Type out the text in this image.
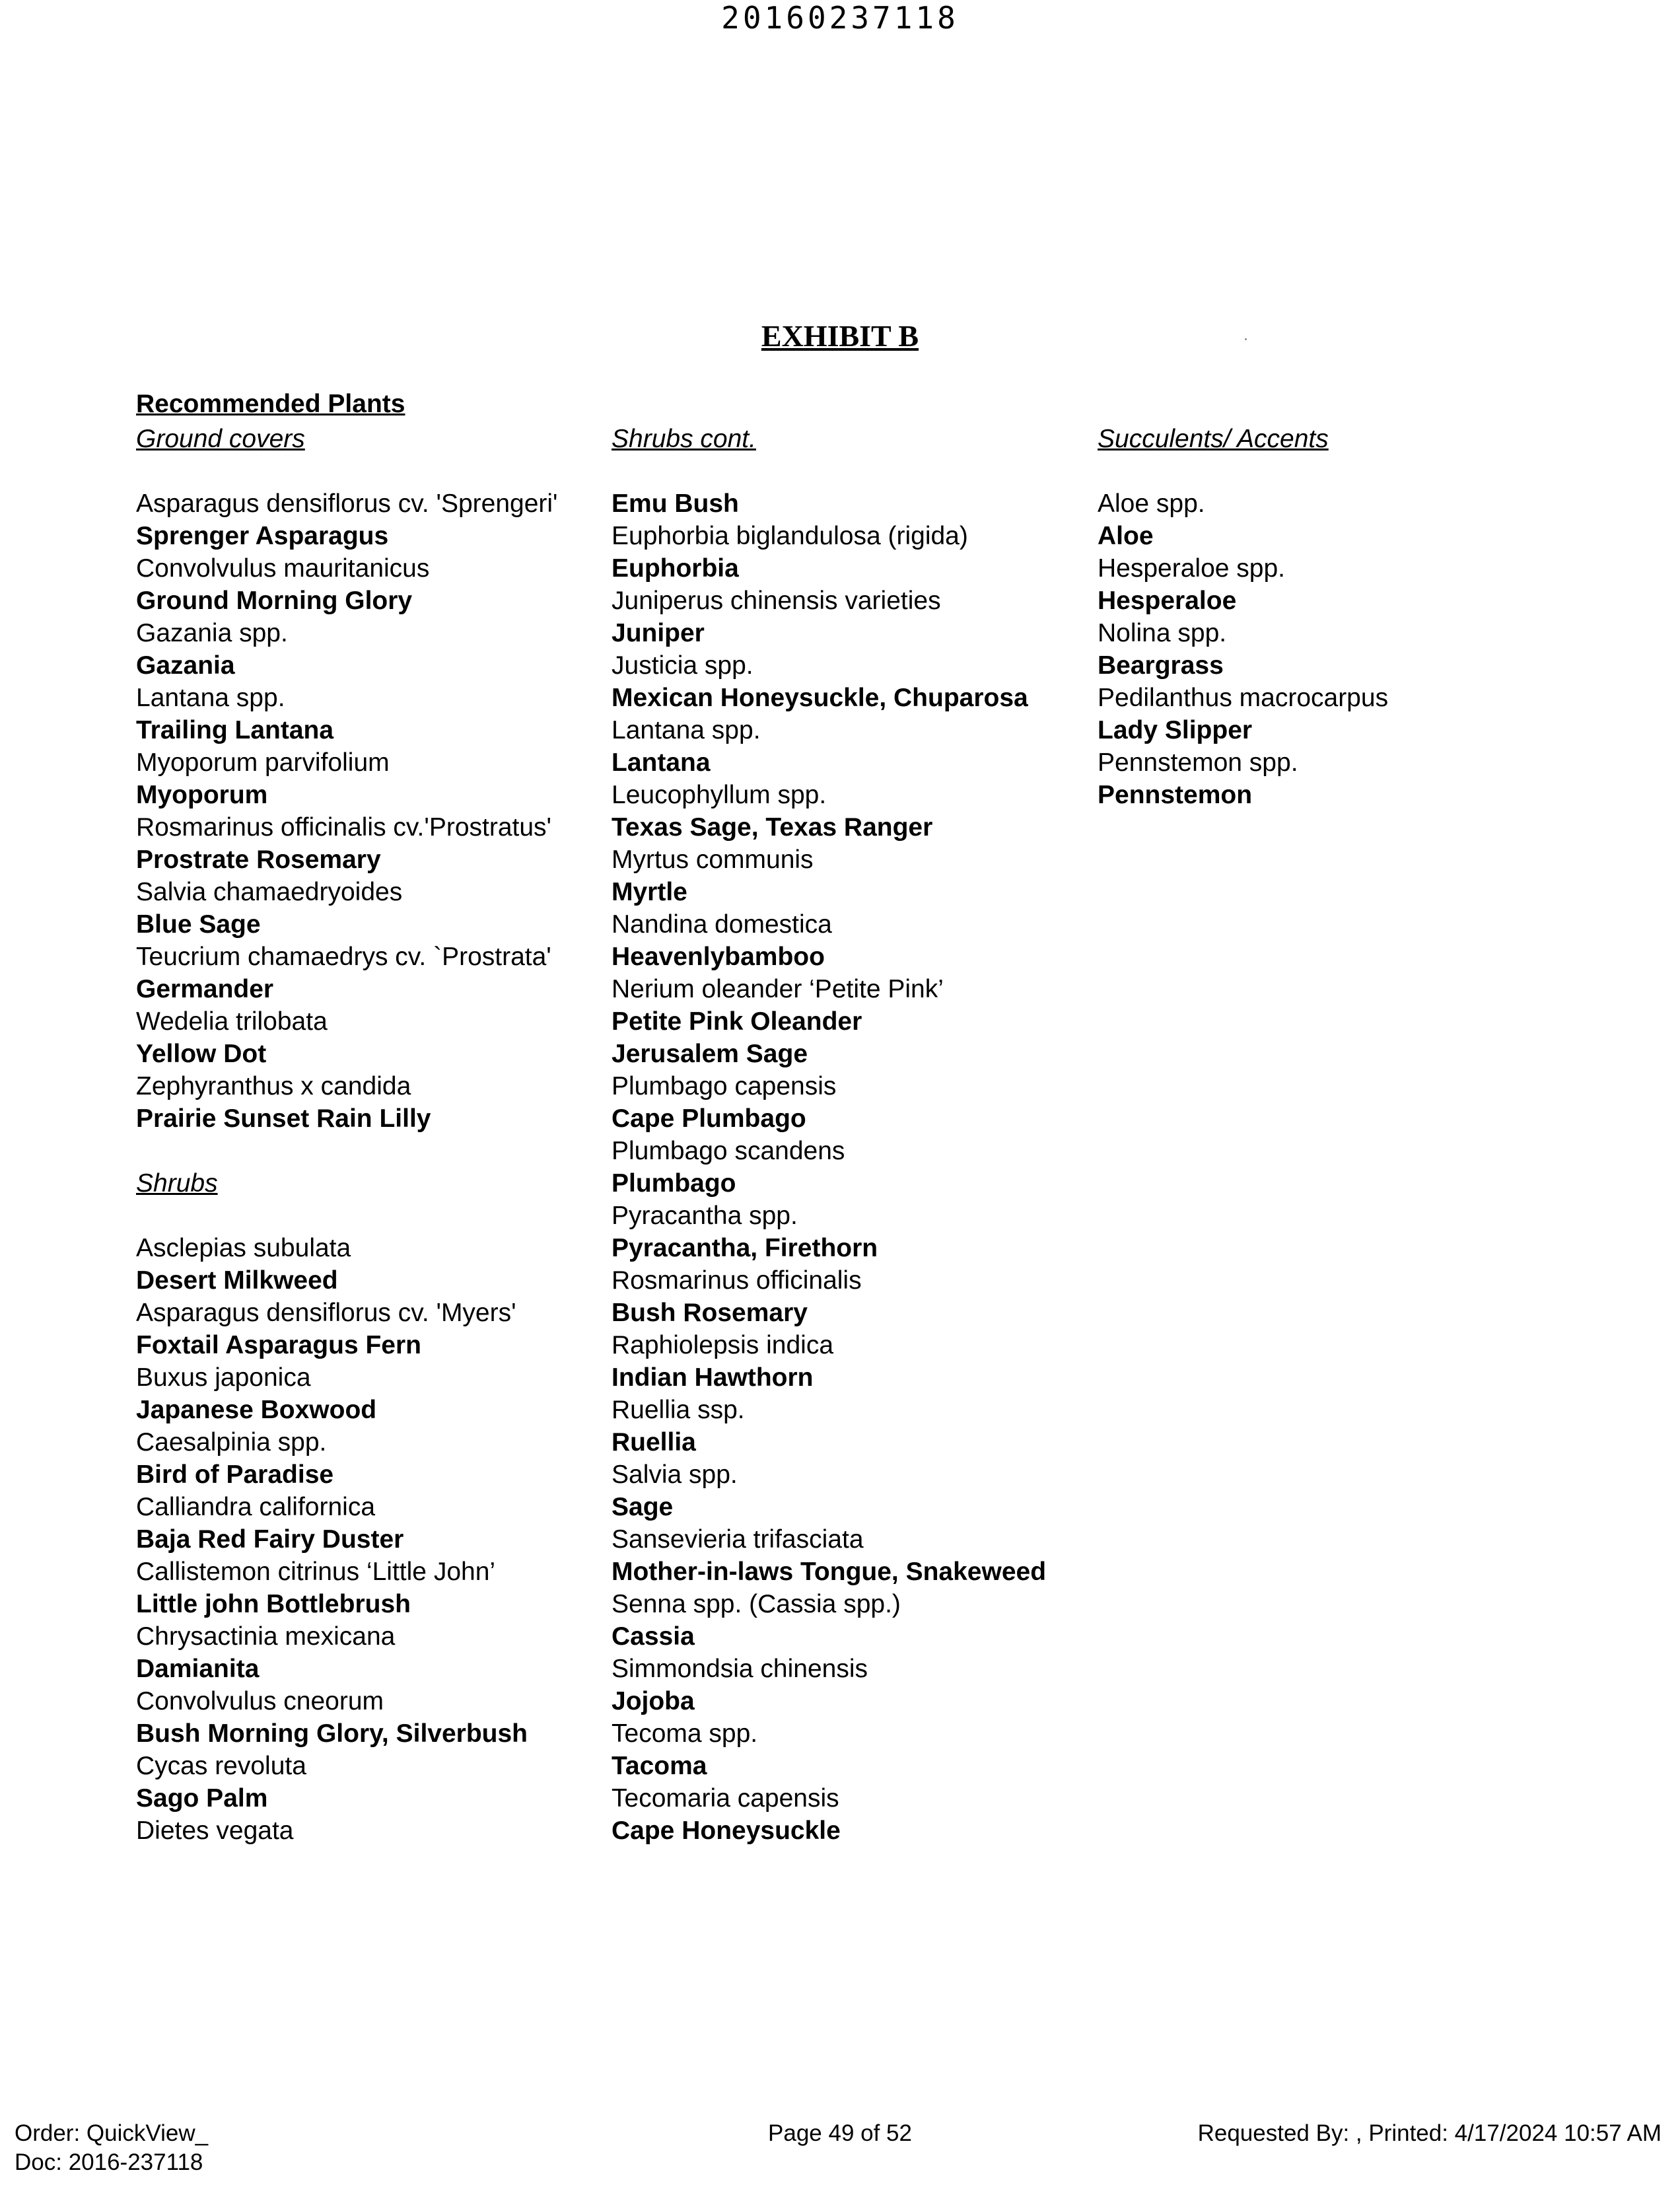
20160237118
EXHIBIT B
Recommended Plants
Ground covers
Asparagus densiflorus cv. 'Sprengeri'
Sprenger Asparagus
Convolvulus mauritanicus
Ground Morning Glory
Gazania spp.
Gazania
Lantana spp.
Trailing Lantana
Myoporum parvifolium
Myoporum
Rosmarinus officinalis cv.'Prostratus'
Prostrate Rosemary
Salvia chamaedryoides
Blue Sage
Teucrium chamaedrys cv. `Prostrata'
Germander
Wedelia trilobata
Yellow Dot
Zephyranthus x candida
Prairie Sunset Rain Lilly
Shrubs
Asclepias subulata
Desert Milkweed
Asparagus densiflorus cv. 'Myers'
Foxtail Asparagus Fern
Buxus japonica
Japanese Boxwood
Caesalpinia spp.
Bird of Paradise
Calliandra californica
Baja Red Fairy Duster
Callistemon citrinus ‘Little John’
Little john Bottlebrush
Chrysactinia mexicana
Damianita
Convolvulus cneorum
Bush Morning Glory, Silverbush
Cycas revoluta
Sago Palm
Dietes vegata
Shrubs cont.
Emu Bush
Euphorbia biglandulosa (rigida)
Euphorbia
Juniperus chinensis varieties
Juniper
Justicia spp.
Mexican Honeysuckle, Chuparosa
Lantana spp.
Lantana
Leucophyllum spp.
Texas Sage, Texas Ranger
Myrtus communis
Myrtle
Nandina domestica
Heavenlybamboo
Nerium oleander ‘Petite Pink’
Petite Pink Oleander
Jerusalem Sage
Plumbago capensis
Cape Plumbago
Plumbago scandens
Plumbago
Pyracantha spp.
Pyracantha, Firethorn
Rosmarinus officinalis
Bush Rosemary
Raphiolepsis indica
Indian Hawthorn
Ruellia ssp.
Ruellia
Salvia spp.
Sage
Sansevieria trifasciata
Mother-in-laws Tongue, Snakeweed
Senna spp. (Cassia spp.)
Cassia
Simmondsia chinensis
Jojoba
Tecoma spp.
Tacoma
Tecomaria capensis
Cape Honeysuckle
Succulents/ Accents
Aloe spp.
Aloe
Hesperaloe spp.
Hesperaloe
Nolina spp.
Beargrass
Pedilanthus macrocarpus
Lady Slipper
Pennstemon spp.
Pennstemon
Order: QuickView_
Doc: 2016-237118
Page 49 of 52	Requested By: , Printed: 4/17/2024 10:57 AM
